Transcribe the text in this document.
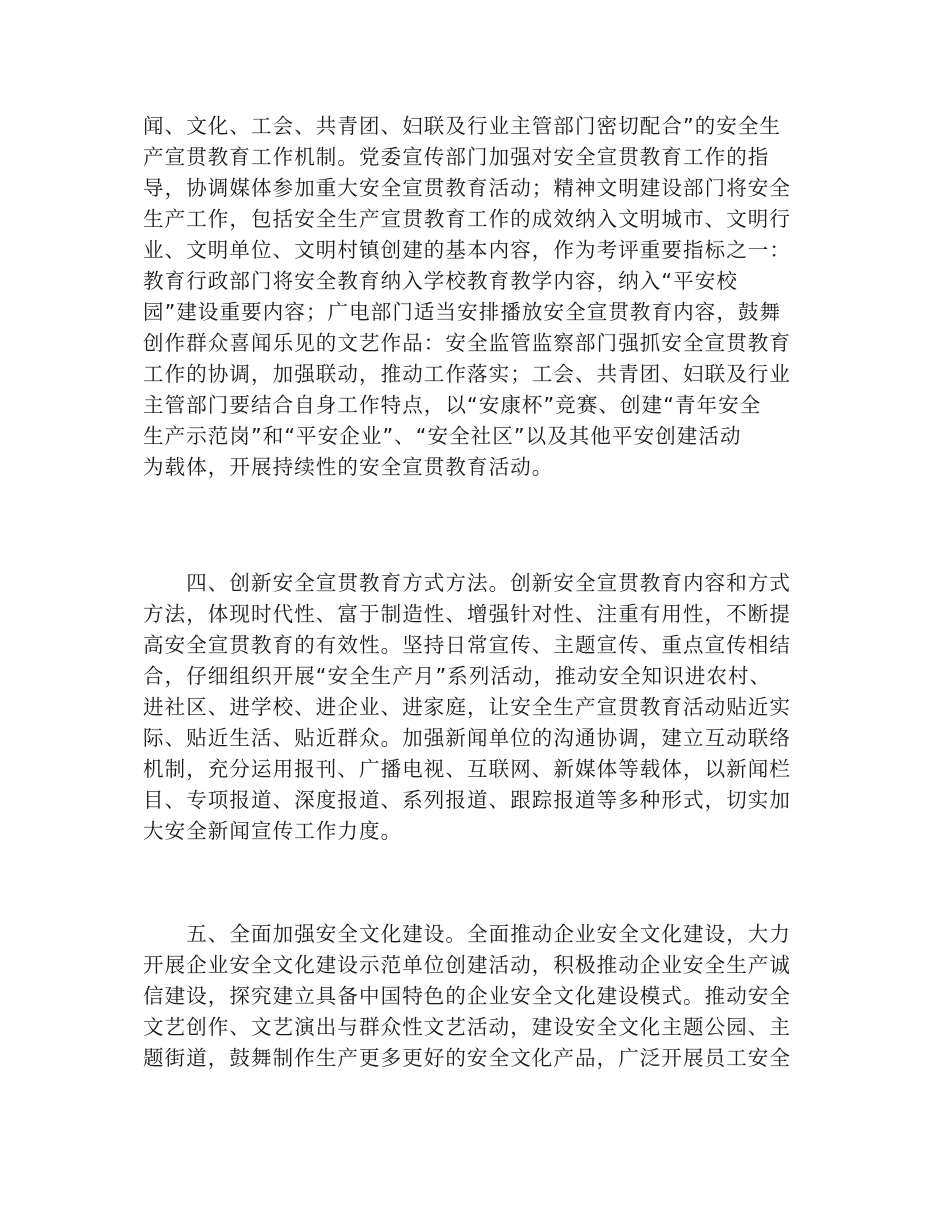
闻、文化、工会、共青团、妇联及行业主管部门密切配合”的安全生
产宣贯教育工作机制。党委宣传部门加强对安全宣贯教育工作的指
导，协调媒体参加重大安全宣贯教育活动；精神文明建设部门将安全
生产工作，包括安全生产宣贯教育工作的成效纳入文明城市、文明行
业、文明单位、文明村镇创建的基本内容，作为考评重要指标之一：
教育行政部门将安全教育纳入学校教育教学内容，纳入“平安校
园”建设重要内容；广电部门适当安排播放安全宣贯教育内容，鼓舞
创作群众喜闻乐见的文艺作品：安全监管监察部门强抓安全宣贯教育
工作的协调，加强联动，推动工作落实；工会、共青团、妇联及行业
主管部门要结合自身工作特点，以“安康杯”竞赛、创建“青年安全
生产示范岗”和“平安企业”、“安全社区”以及其他平安创建活动
为载体，开展持续性的安全宣贯教育活动。
　　四、创新安全宣贯教育方式方法。创新安全宣贯教育内容和方式
方法，体现时代性、富于制造性、增强针对性、注重有用性，不断提
高安全宣贯教育的有效性。坚持日常宣传、主题宣传、重点宣传相结
合，仔细组织开展“安全生产月”系列活动，推动安全知识进农村、
进社区、进学校、进企业、进家庭，让安全生产宣贯教育活动贴近实
际、贴近生活、贴近群众。加强新闻单位的沟通协调，建立互动联络
机制，充分运用报刊、广播电视、互联网、新媒体等载体，以新闻栏
目、专项报道、深度报道、系列报道、跟踪报道等多种形式，切实加
大安全新闻宣传工作力度。
　　五、全面加强安全文化建设。全面推动企业安全文化建设，大力
开展企业安全文化建设示范单位创建活动，积极推动企业安全生产诚
信建设，探究建立具备中国特色的企业安全文化建设模式。推动安全
文艺创作、文艺演出与群众性文艺活动，建设安全文化主题公园、主
题街道，鼓舞制作生产更多更好的安全文化产品，广泛开展员工安全
